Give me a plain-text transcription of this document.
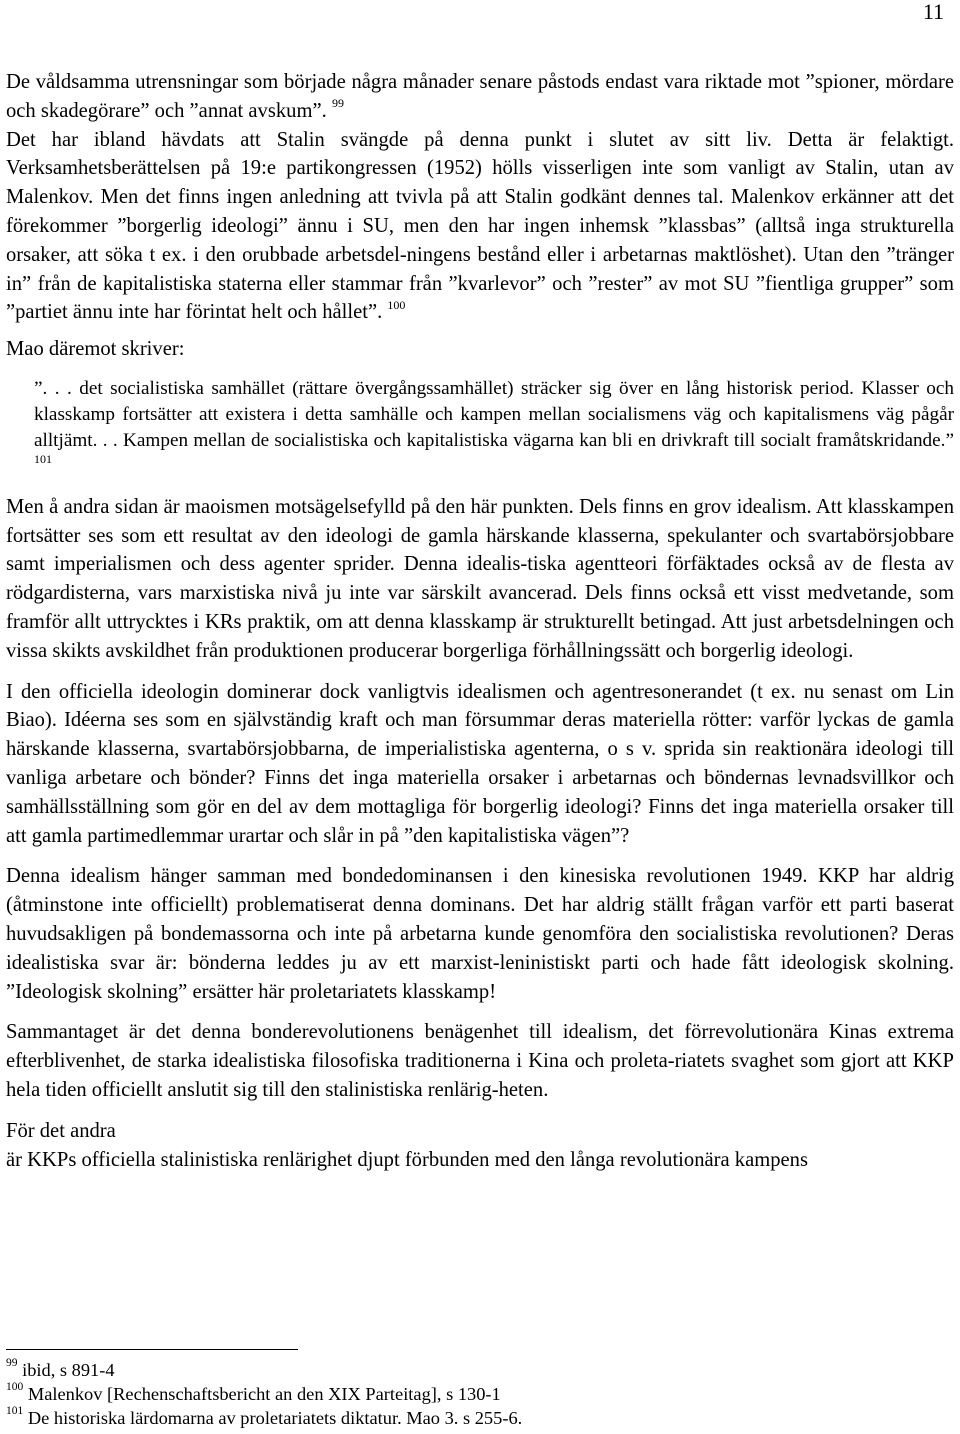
11

De våldsamma utrensningar som började några månader senare påstods endast vara riktade mot ”spioner, mördare och skadegörare” och ”annat avskum”. $^{99}$

Det har ibland hävdats att Stalin svängde på denna punkt i slutet av sitt liv. Detta är felaktigt. Verksamhetsberättelsen på 19:e partikongressen (1952) hölls visserligen inte som vanligt av Stalin, utan av Malenkov. Men det finns ingen anledning att tvivla på att Stalin godkänt dennes tal. Malenkov erkänner att det förekommer ”borgerlig ideologi” ännu i SU, men den har ingen inhemsk ”klassbas” (alltså inga strukturella orsaker, att söka t ex. i den orubbade arbetsdel-ningens bestånd eller i arbetarnas maktlöshet). Utan den ”tränger in” från de kapitalistiska staterna eller stammar från ”kvarlevor” och ”rester” av mot SU ”fientliga grupper” som ”partiet ännu inte har förintat helt och hållet”. $^{100}$

Mao däremot skriver:

”. . . det socialistiska samhället (rättare övergångssamhället) sträcker sig över en lång historisk period. Klasser och klasskamp fortsätter att existera i detta samhälle och kampen mellan socialismens väg och kapitalismens väg pågår alltjämt. . . Kampen mellan de socialistiska och kapitalistiska vägarna kan bli en drivkraft till socialt framåtskridande.” $^{101}$

Men å andra sidan är maoismen motsägelsefylld på den här punkten. Dels finns en grov idealism. Att klasskampen fortsätter ses som ett resultat av den ideologi de gamla härskande klasserna, spekulanter och svartabörsjobbare samt imperialismen och dess agenter sprider. Denna idealis-tiska agentteori förfäktades också av de flesta av rödgardisterna, vars marxistiska nivå ju inte var särskilt avancerad. Dels finns också ett visst medvetande, som framför allt uttrycktes i KRs praktik, om att denna klasskamp är strukturellt betingad. Att just arbetsdelningen och vissa skikts avskildhet från produktionen producerar borgerliga förhållningssätt och borgerlig ideologi.

I den officiella ideologin dominerar dock vanligtvis idealismen och agentresonerandet (t ex. nu senast om Lin Biao). Idéerna ses som en självständig kraft och man försummar deras materiella rötter: varför lyckas de gamla härskande klasserna, svartabörsjobbarna, de imperialistiska agenterna, o s v. sprida sin reaktionära ideologi till vanliga arbetare och bönder? Finns det inga materiella orsaker i arbetarnas och böndernas levnadsvillkor och samhällsställning som gör en del av dem mottagliga för borgerlig ideologi? Finns det inga materiella orsaker till att gamla partimedlemmar urartar och slår in på ”den kapitalistiska vägen”?

Denna idealism hänger samman med bondedominansen i den kinesiska revolutionen 1949. KKP har aldrig (åtminstone inte officiellt) problematiserat denna dominans. Det har aldrig ställt frågan varför ett parti baserat huvudsakligen på bondemassorna och inte på arbetarna kunde genomföra den socialistiska revolutionen? Deras idealistiska svar är: bönderna leddes ju av ett marxist-leninistiskt parti och hade fått ideologisk skolning. ”Ideologisk skolning” ersätter här proletariatets klasskamp!

Sammantaget är det denna bonderevolutionens benägenhet till idealism, det förrevolutionära Kinas extrema efterblivenhet, de starka idealistiska filosofiska traditionerna i Kina och proleta-riatets svaghet som gjort att KKP hela tiden officiellt anslutit sig till den stalinistiska renlärig-heten.

För det andra

är KKPs officiella stalinistiska renlärighet djupt förbunden med den långa revolutionära kampens

$^{99}$ ibid, s 891-4
$^{100}$ Malenkov [Rechenschaftsbericht an den XIX Parteitag], s 130-1
$^{101}$ De historiska lärdomarna av proletariatets diktatur. Mao 3. s 255-6.
